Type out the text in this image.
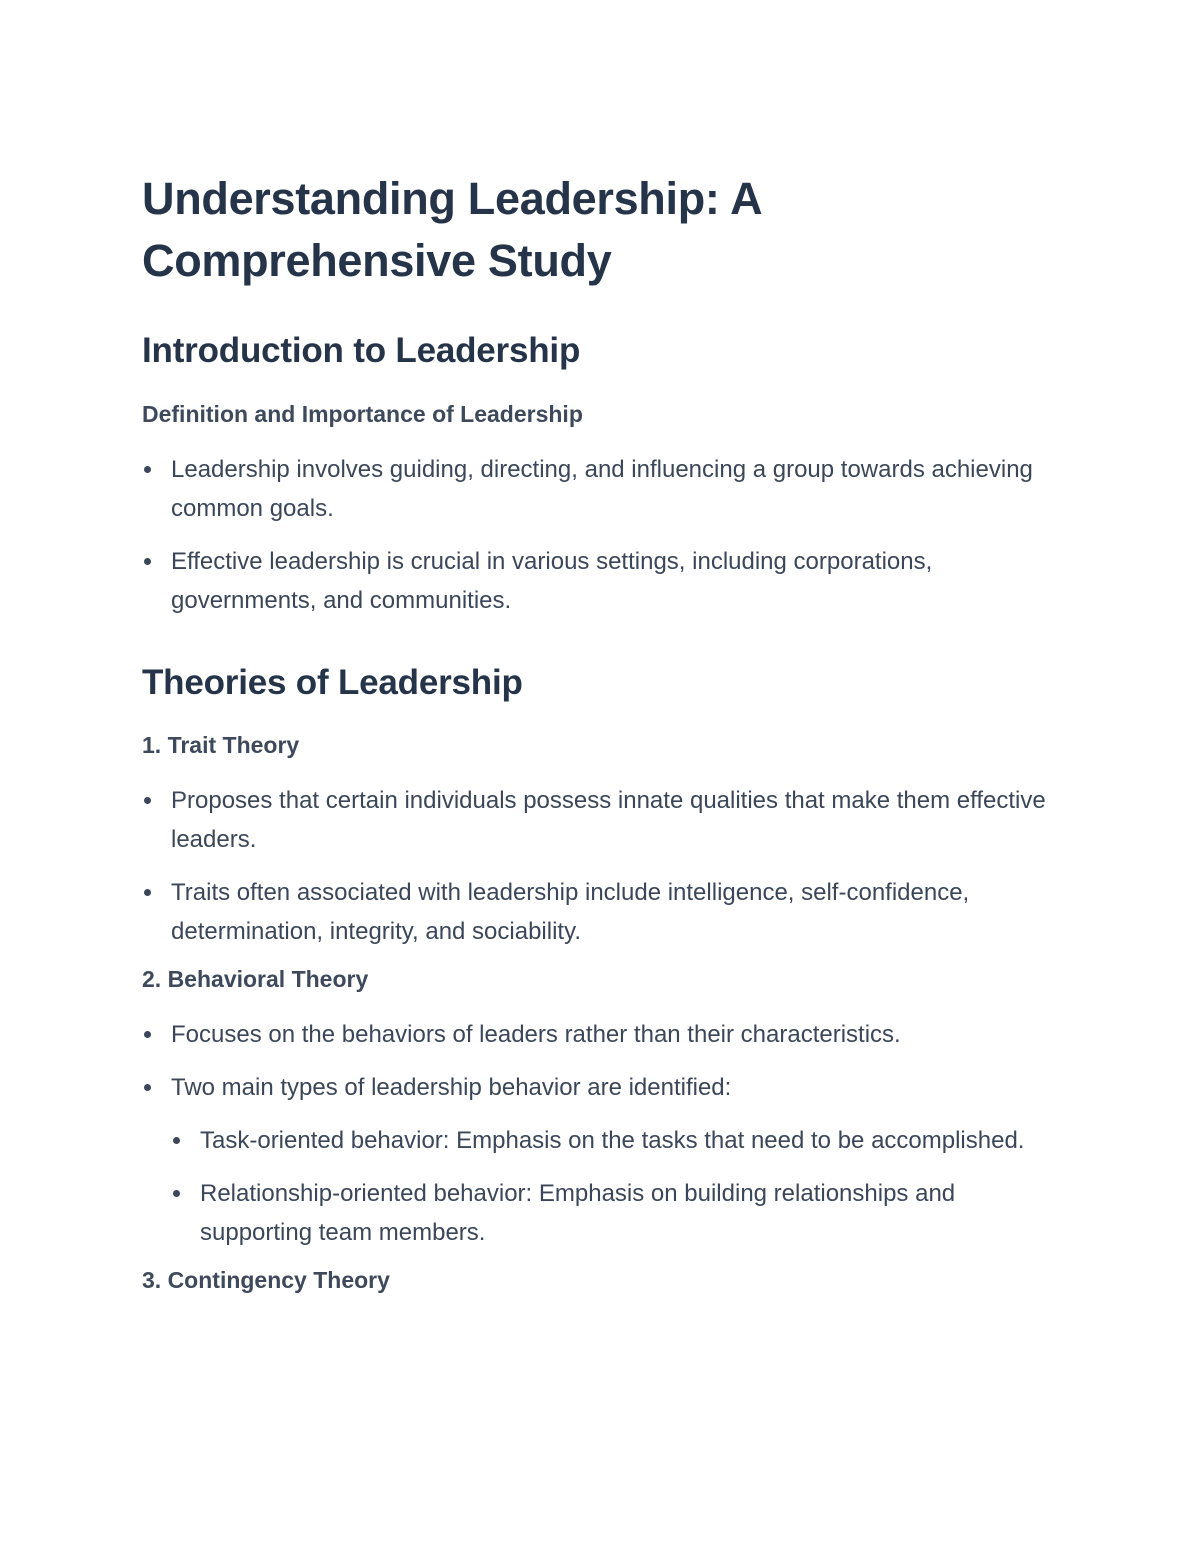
Understanding Leadership: A Comprehensive Study
Introduction to Leadership
Definition and Importance of Leadership
Leadership involves guiding, directing, and influencing a group towards achieving common goals.
Effective leadership is crucial in various settings, including corporations, governments, and communities.
Theories of Leadership
1. Trait Theory
Proposes that certain individuals possess innate qualities that make them effective leaders.
Traits often associated with leadership include intelligence, self-confidence, determination, integrity, and sociability.
2. Behavioral Theory
Focuses on the behaviors of leaders rather than their characteristics.
Two main types of leadership behavior are identified:
Task-oriented behavior: Emphasis on the tasks that need to be accomplished.
Relationship-oriented behavior: Emphasis on building relationships and supporting team members.
3. Contingency Theory
